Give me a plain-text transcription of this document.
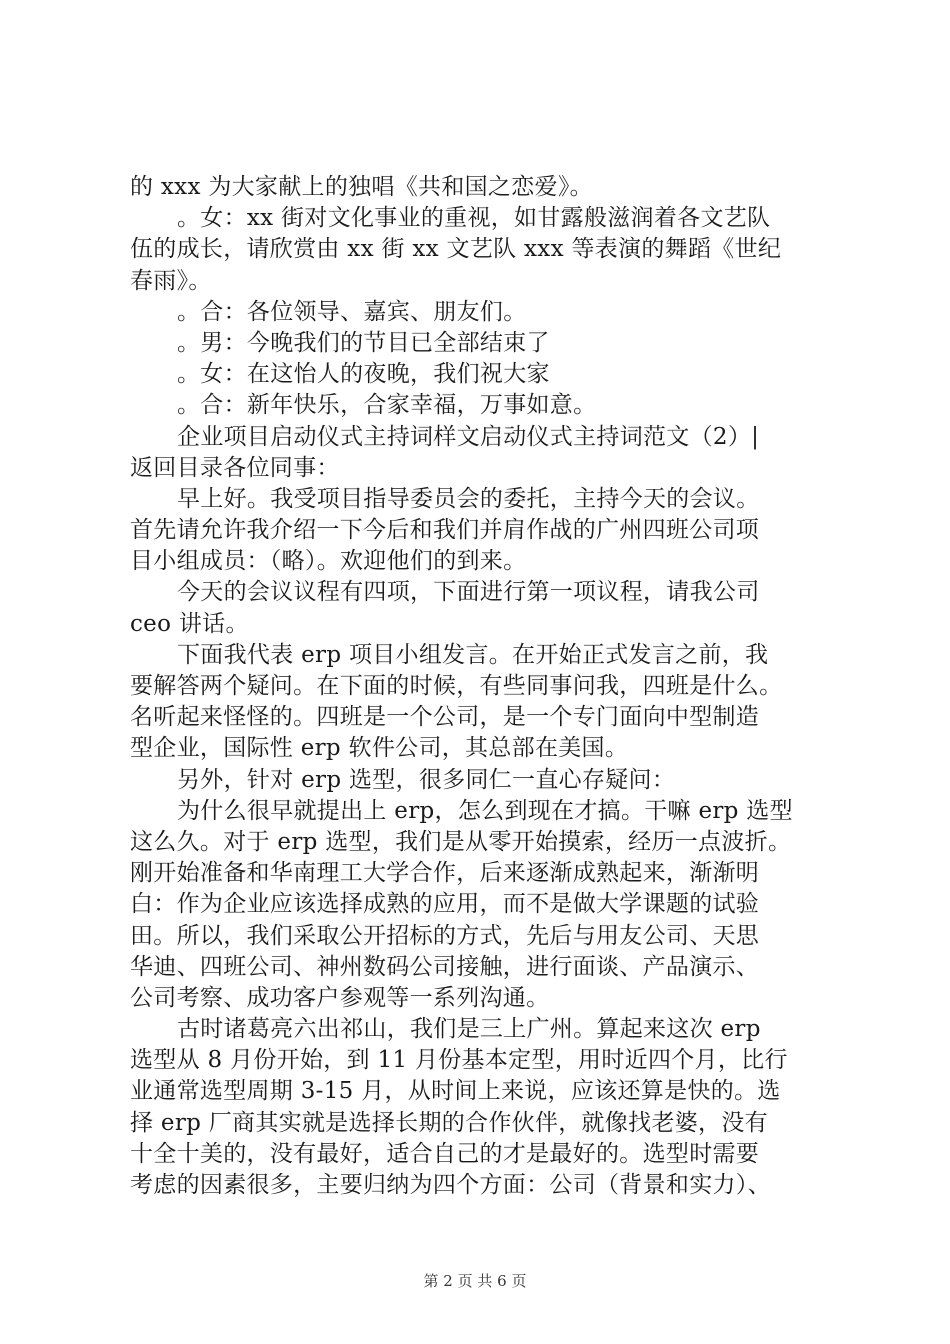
的 xxx 为大家献上的独唱《共和国之恋爱》。
。女：xx 街对文化事业的重视，如甘露般滋润着各文艺队
伍的成长，请欣赏由 xx 街 xx 文艺队 xxx 等表演的舞蹈《世纪
春雨》。
。合：各位领导、嘉宾、朋友们。
。男：今晚我们的节目已全部结束了
。女：在这怡人的夜晚，我们祝大家
。合：新年快乐，合家幸福，万事如意。
企业项目启动仪式主持词样文启动仪式主持词范文（2）|
返回目录各位同事：
早上好。我受项目指导委员会的委托，主持今天的会议。
首先请允许我介绍一下今后和我们并肩作战的广州四班公司项
目小组成员：（略）。欢迎他们的到来。
今天的会议议程有四项，下面进行第一项议程，请我公司
ceo 讲话。
下面我代表 erp 项目小组发言。在开始正式发言之前，我
要解答两个疑问。在下面的时候，有些同事问我，四班是什么。
名听起来怪怪的。四班是一个公司，是一个专门面向中型制造
型企业，国际性 erp 软件公司，其总部在美国。
另外，针对 erp 选型，很多同仁一直心存疑问：
为什么很早就提出上 erp，怎么到现在才搞。干嘛 erp 选型
这么久。对于 erp 选型，我们是从零开始摸索，经历一点波折。
刚开始准备和华南理工大学合作，后来逐渐成熟起来，渐渐明
白：作为企业应该选择成熟的应用，而不是做大学课题的试验
田。所以，我们采取公开招标的方式，先后与用友公司、天思
华迪、四班公司、神州数码公司接触，进行面谈、产品演示、
公司考察、成功客户参观等一系列沟通。
古时诸葛亮六出祁山，我们是三上广州。算起来这次 erp
选型从 8 月份开始，到 11 月份基本定型，用时近四个月，比行
业通常选型周期 3-15 月，从时间上来说，应该还算是快的。选
择 erp 厂商其实就是选择长期的合作伙伴，就像找老婆，没有
十全十美的，没有最好，适合自己的才是最好的。选型时需要
考虑的因素很多，主要归纳为四个方面：公司（背景和实力）、
第 2 页 共 6 页
